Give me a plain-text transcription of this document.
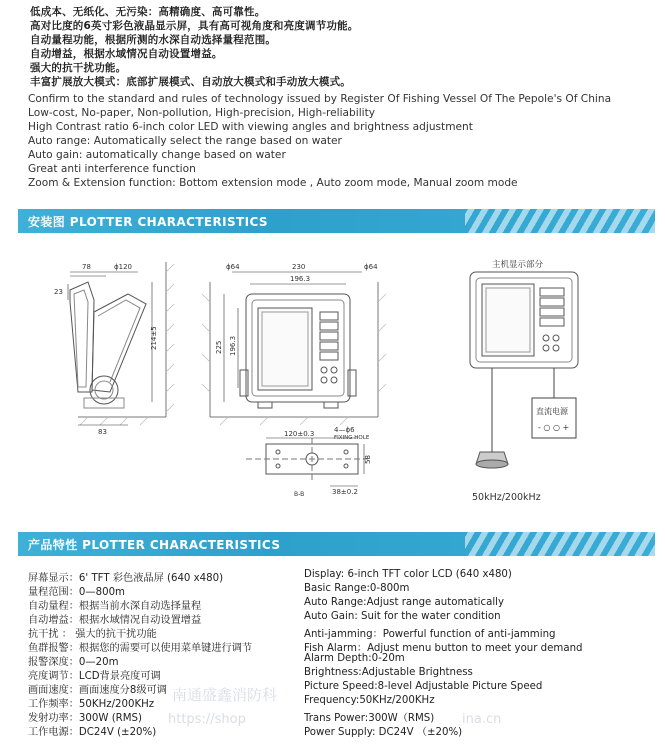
低成本、无纸化、无污染：高精确度、高可靠性。
高对比度的6英寸彩色液晶显示屏，具有高可视角度和亮度调节功能。
自动量程功能，根据所测的水深自动选择量程范围。
自动增益，根据水域情况自动设置增益。
强大的抗干扰功能。
丰富扩展放大模式：底部扩展模式、自动放大模式和手动放大模式。
Confirm to the standard and rules of technology issued by Register Of Fishing Vessel Of The Pepole's Of China
Low-cost, No-paper, Non-pollution, High-precision, High-reliability
High Contrast ratio 6-inch color LED with viewing angles and brightness adjustment
Auto range: Automatically select the range based on water
Auto gain: automatically change based on water
Great anti interference function
Zoom & Extension function: Bottom extension mode , Auto zoom mode, Manual zoom mode
安装图 PLOTTER CHARACTERISTICS
78	ϕ120
23
214±5
83
ϕ64	230
196.3
ϕ64
225 196.3
120±0.3	4—ϕ6
FIXING HOLE
58
B-B	38±0.2
主机显示部分
直流电源
- ○ ○ +
50kHz/200kHz
产品特性 PLOTTER CHARACTERISTICS
屏幕显示：6' TFT 彩色液晶屏 (640 x480)	Display: 6-inch TFT color LCD (640 x480)
量程范围：0—800m	Basic Range:0-800m
自动量程：根据当前水深自动选择量程	Auto Range:Adjust range automatically
自动增益：根据水域情况自动设置增益	Auto Gain: Suit for the water condition
抗干扰 ： 强大的抗干扰功能	Anti-jamming：Powerful function of anti-jamming
鱼群报警：根据您的需要可以使用菜单键进行调节	Fish Alarm：Adjust menu button to meet your demand
报警深度：0—20m	Alarm Depth:0-20m
亮度调节：LCD背景亮度可调	Brightness:Adjustable Brightness
画面速度：画面速度分8级可调	Picture Speed:8-level Adjustable Picture Speed
工作频率：50KHz/200KHz	Frequency:50KHz/200KHz
发射功率：300W (RMS)	Trans Power:300W（RMS)
工作电源：DC24V (±20%)	Power Supply: DC24V （±20%)
南通盛鑫消防科
https://shop	ina.cn
